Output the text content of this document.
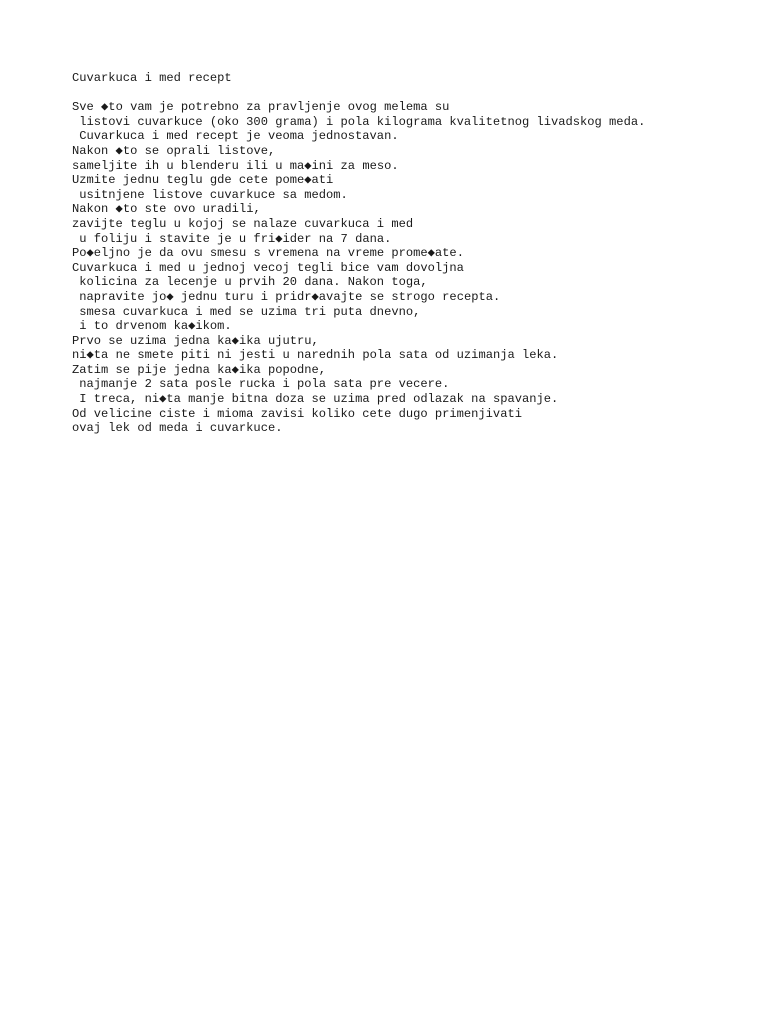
Cuvarkuca i med recept
Sve ◆to vam je potrebno za pravljenje ovog melema su
listovi cuvarkuce (oko 300 grama) i pola kilograma kvalitetnog livadskog meda.
Cuvarkuca i med recept je veoma jednostavan.
Nakon ◆to se oprali listove,
sameljite ih u blenderu ili u ma◆ini za meso.
Uzmite jednu teglu gde cete pome◆ati
usitnjene listove cuvarkuce sa medom.
Nakon ◆to ste ovo uradili,
zavijte teglu u kojoj se nalaze cuvarkuca i med
u foliju i stavite je u fri◆ider na 7 dana.
Po◆eljno je da ovu smesu s vremena na vreme prome◆ate.
Cuvarkuca i med u jednoj vecoj tegli bice vam dovoljna
kolicina za lecenje u prvih 20 dana. Nakon toga,
napravite jo◆ jednu turu i pridr◆avajte se strogo recepta.
smesa cuvarkuca i med se uzima tri puta dnevno,
i to drvenom ka◆ikom.
Prvo se uzima jedna ka◆ika ujutru,
ni◆ta ne smete piti ni jesti u narednih pola sata od uzimanja leka.
Zatim se pije jedna ka◆ika popodne,
najmanje 2 sata posle rucka i pola sata pre vecere.
I treca, ni◆ta manje bitna doza se uzima pred odlazak na spavanje.
Od velicine ciste i mioma zavisi koliko cete dugo primenjivati
ovaj lek od meda i cuvarkuce.
